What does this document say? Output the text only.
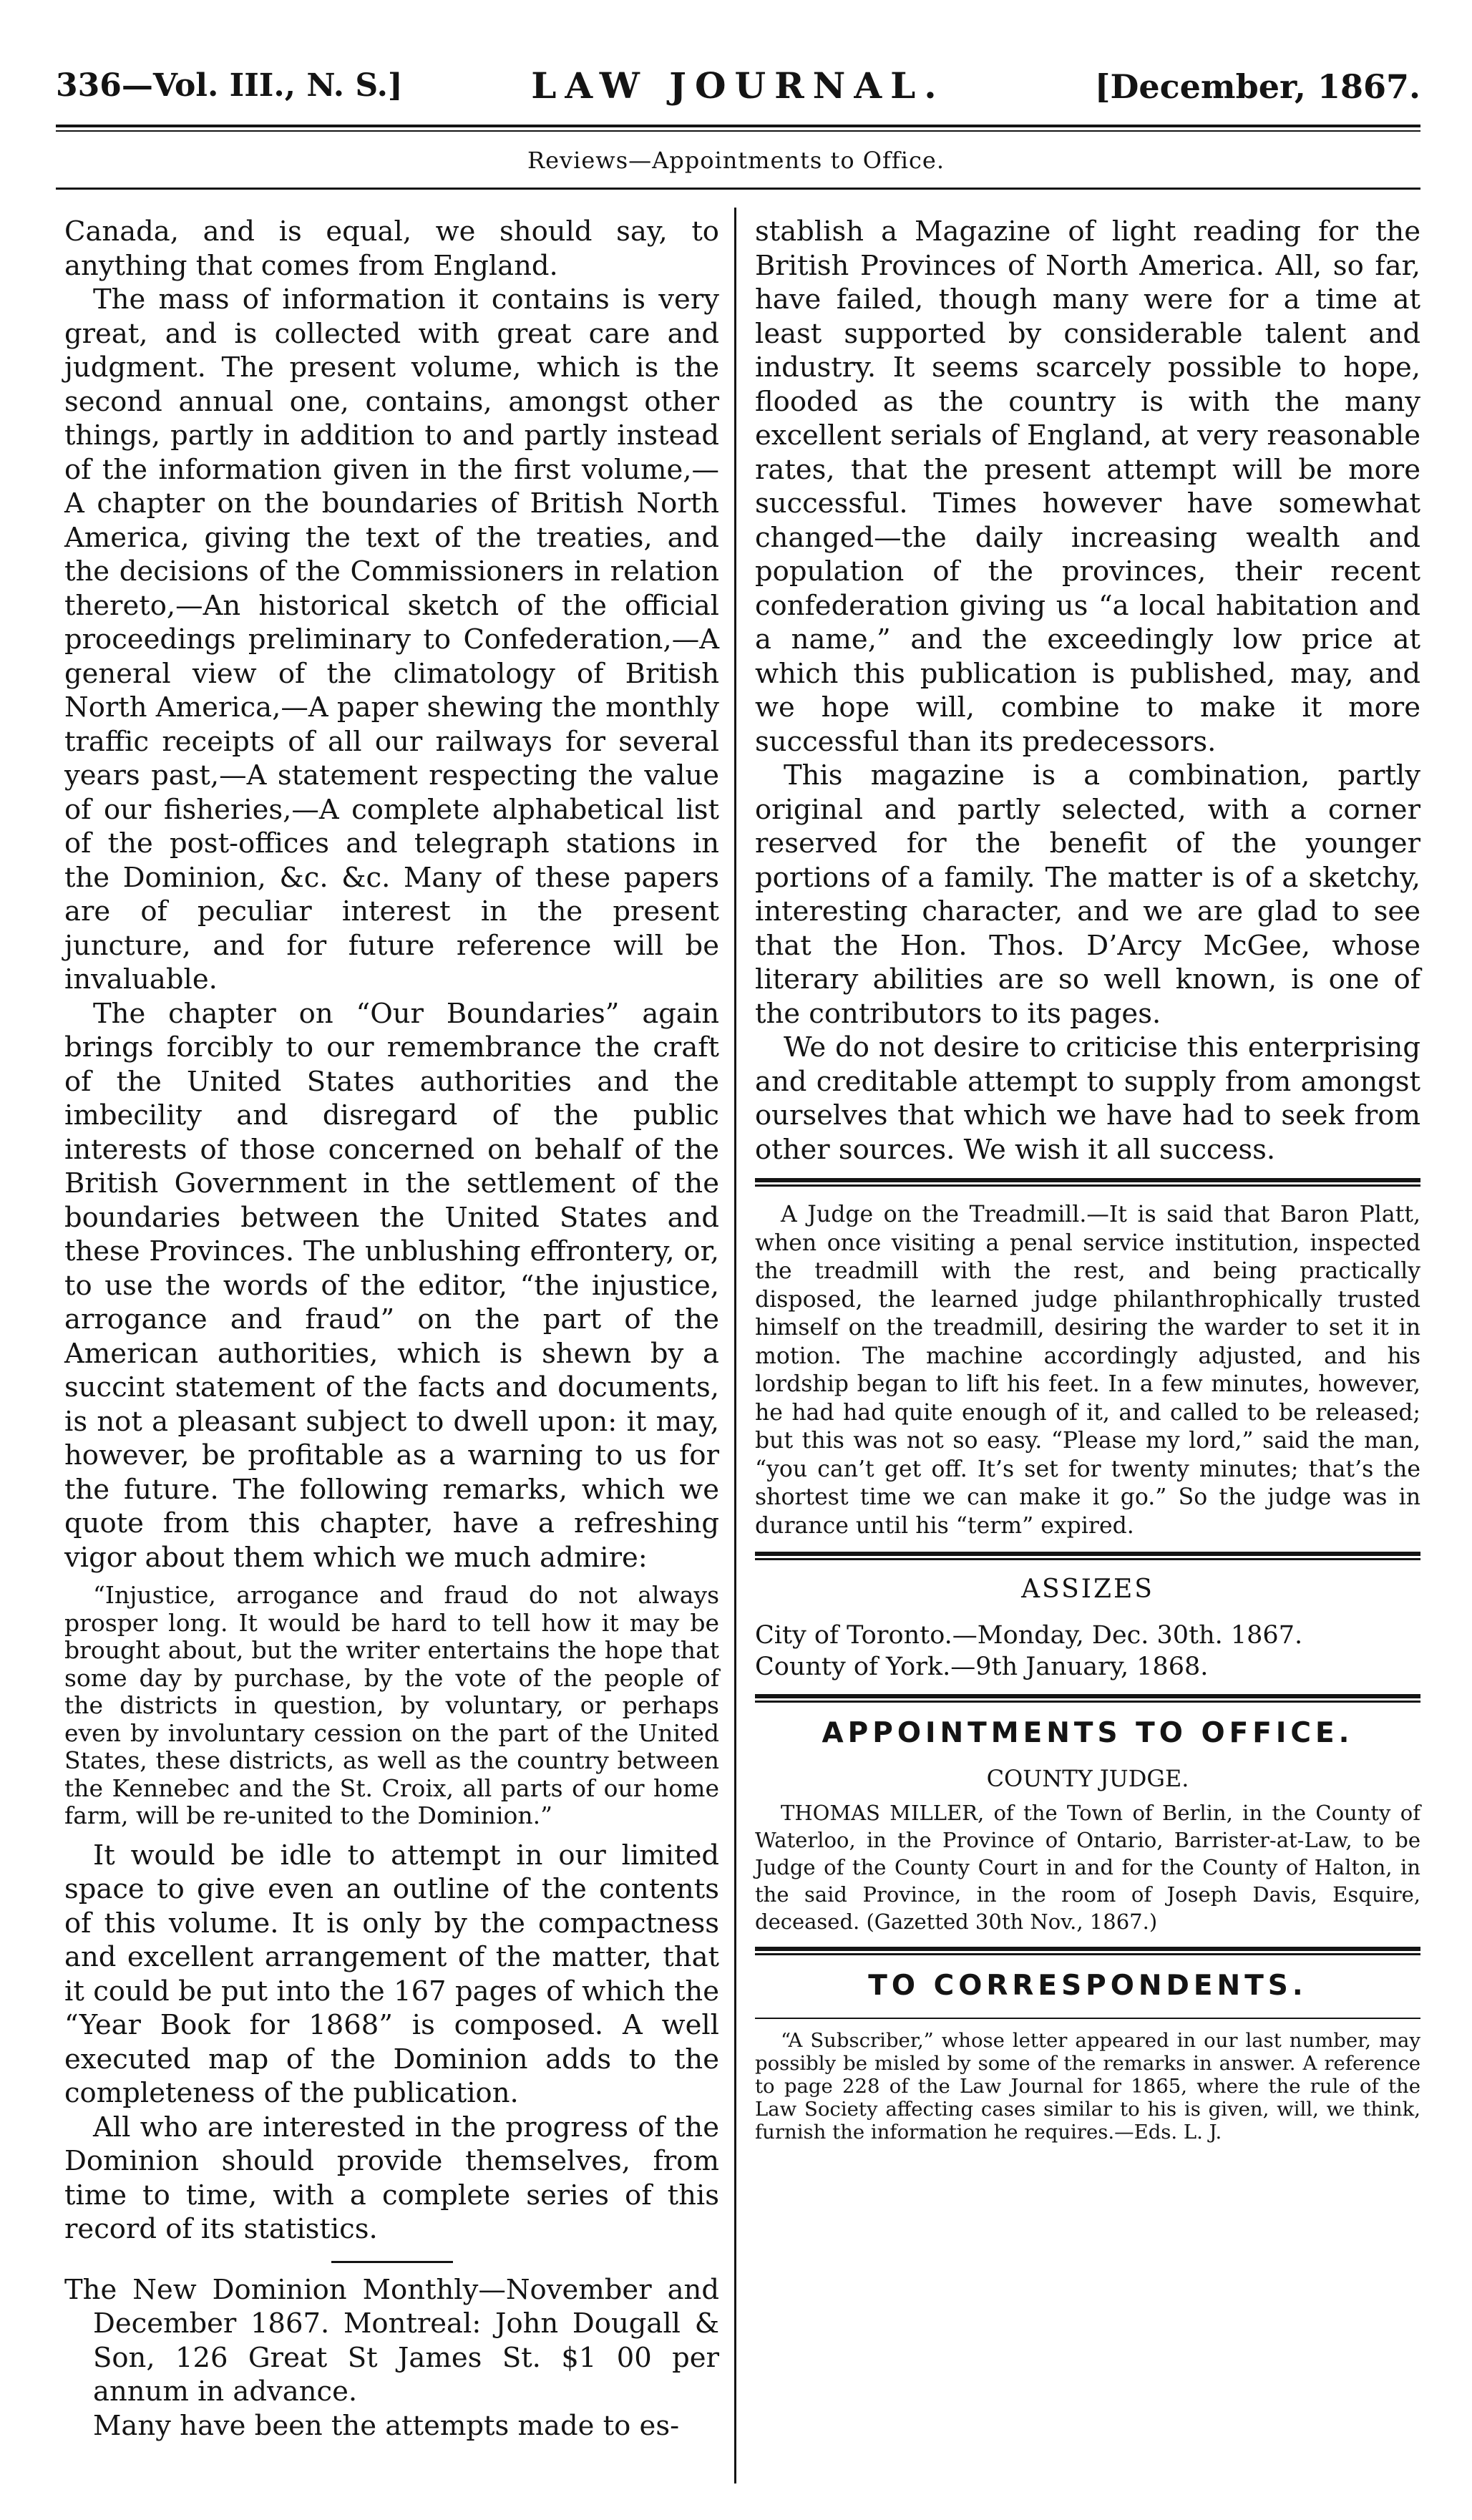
336—Vol. III., N. S.]	LAW JOURNAL.	[December, 1867.
Reviews—Appointments to Office.

Canada, and is equal, we should say, to anything that comes from England.

The mass of information it contains is very great, and is collected with great care and judgment. The present volume, which is the second annual one, contains, amongst other things, partly in addition to and partly instead of the information given in the first volume,—A chapter on the boundaries of British North America, giving the text of the treaties, and the decisions of the Commissioners in relation thereto,—An historical sketch of the official proceedings preliminary to Confederation,—A general view of the climatology of British North America,—A paper shewing the monthly traffic receipts of all our railways for several years past,—A statement respecting the value of our fisheries,—A complete alphabetical list of the post-offices and telegraph stations in the Dominion, &c. &c. Many of these papers are of peculiar interest in the present juncture, and for future reference will be invaluable.

The chapter on “Our Boundaries” again brings forcibly to our remembrance the craft of the United States authorities and the imbecility and disregard of the public interests of those concerned on behalf of the British Government in the settlement of the boundaries between the United States and these Provinces. The unblushing effrontery, or, to use the words of the editor, “the injustice, arrogance and fraud” on the part of the American authorities, which is shewn by a succint statement of the facts and documents, is not a pleasant subject to dwell upon: it may, however, be profitable as a warning to us for the future. The following remarks, which we quote from this chapter, have a refreshing vigor about them which we much admire:

“Injustice, arrogance and fraud do not always prosper long. It would be hard to tell how it may be brought about, but the writer entertains the hope that some day by purchase, by the vote of the people of the districts in question, by voluntary, or perhaps even by involuntary cession on the part of the United States, these districts, as well as the country between the Kennebec and the St. Croix, all parts of our home farm, will be re-united to the Dominion.”

It would be idle to attempt in our limited space to give even an outline of the contents of this volume. It is only by the compactness and excellent arrangement of the matter, that it could be put into the 167 pages of which the “Year Book for 1868” is composed. A well executed map of the Dominion adds to the completeness of the publication.

All who are interested in the progress of the Dominion should provide themselves, from time to time, with a complete series of this record of its statistics.

The New Dominion Monthly—November and December 1867. Montreal: John Dougall & Son, 126 Great St James St. $1 00 per annum in advance.

Many have been the attempts made to es-

stablish a Magazine of light reading for the British Provinces of North America. All, so far, have failed, though many were for a time at least supported by considerable talent and industry. It seems scarcely possible to hope, flooded as the country is with the many excellent serials of England, at very reasonable rates, that the present attempt will be more successful. Times however have somewhat changed—the daily increasing wealth and population of the provinces, their recent confederation giving us “a local habitation and a name,” and the exceedingly low price at which this publication is published, may, and we hope will, combine to make it more successful than its predecessors.

This magazine is a combination, partly original and partly selected, with a corner reserved for the benefit of the younger portions of a family. The matter is of a sketchy, interesting character, and we are glad to see that the Hon. Thos. D’Arcy McGee, whose literary abilities are so well known, is one of the contributors to its pages.

We do not desire to criticise this enterprising and creditable attempt to supply from amongst ourselves that which we have had to seek from other sources. We wish it all success.

A Judge on the Treadmill.—It is said that Baron Platt, when once visiting a penal service institution, inspected the treadmill with the rest, and being practically disposed, the learned judge philanthrophically trusted himself on the treadmill, desiring the warder to set it in motion. The machine accordingly adjusted, and his lordship began to lift his feet. In a few minutes, however, he had had quite enough of it, and called to be released; but this was not so easy. “Please my lord,” said the man, “you can’t get off. It’s set for twenty minutes; that’s the shortest time we can make it go.” So the judge was in durance until his “term” expired.

ASSIZES
City of Toronto.—Monday, Dec. 30th. 1867.
County of York.—9th January, 1868.
APPOINTMENTS TO OFFICE.
COUNTY JUDGE.

THOMAS MILLER, of the Town of Berlin, in the County of Waterloo, in the Province of Ontario, Barrister-at-Law, to be Judge of the County Court in and for the County of Halton, in the said Province, in the room of Joseph Davis, Esquire, deceased. (Gazetted 30th Nov., 1867.)

TO CORRESPONDENTS.

“A Subscriber,” whose letter appeared in our last number, may possibly be misled by some of the remarks in answer. A reference to page 228 of the Law Journal for 1865, where the rule of the Law Society affecting cases similar to his is given, will, we think, furnish the information he requires.—Eds. L. J.
